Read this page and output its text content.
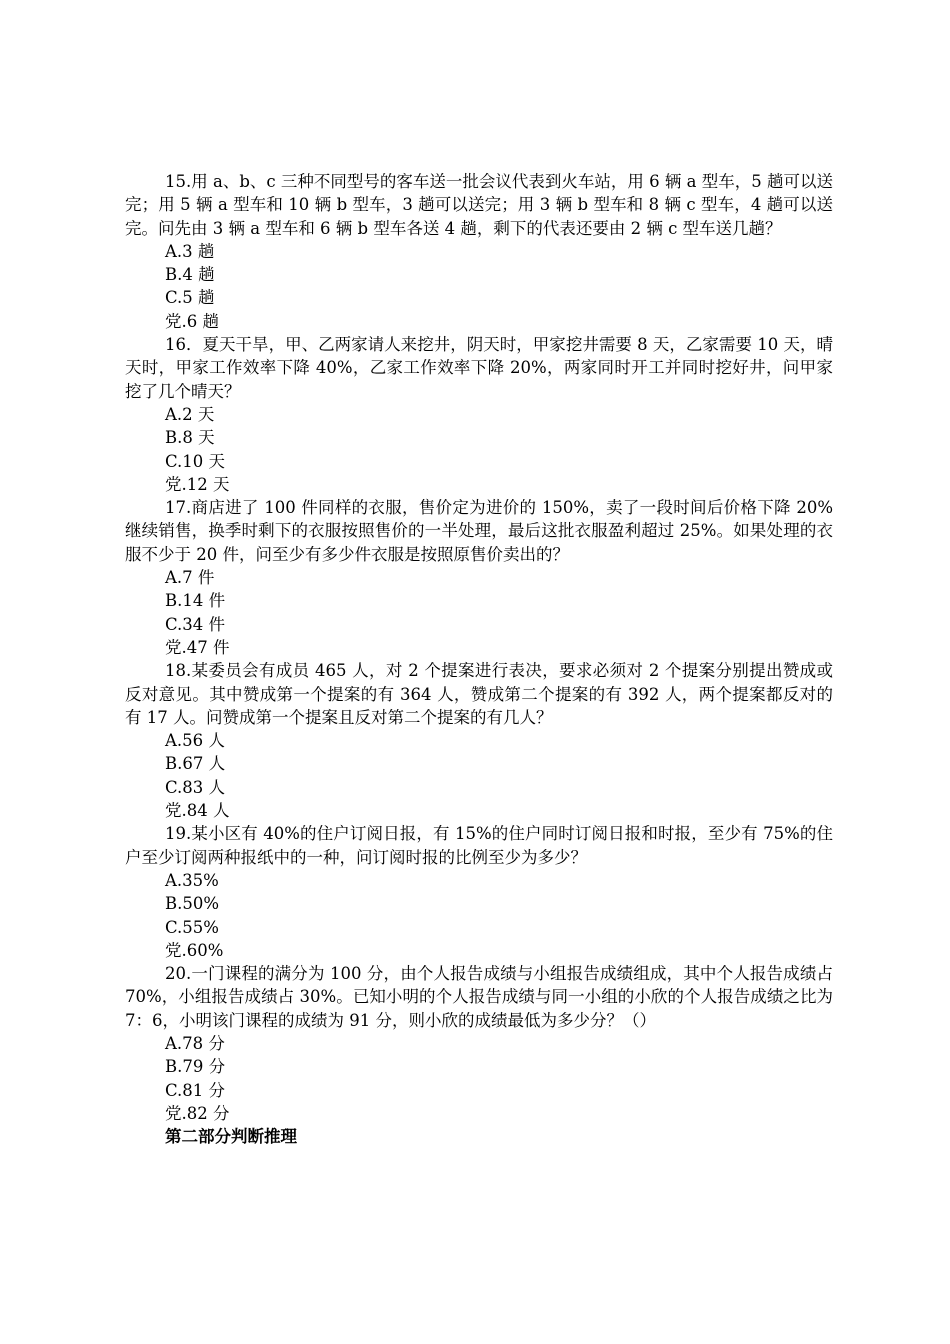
15.用 a、b、c 三种不同型号的客车送一批会议代表到火车站，用 6 辆 a 型车，5 趟可以送完；用 5 辆 a 型车和 10 辆 b 型车，3 趟可以送完；用 3 辆 b 型车和 8 辆 c 型车，4 趟可以送完。问先由 3 辆 a 型车和 6 辆 b 型车各送 4 趟，剩下的代表还要由 2 辆 c 型车送几趟？

A.3 趟

B.4 趟

C.5 趟

党.6 趟

16．夏天干旱，甲、乙两家请人来挖井，阴天时，甲家挖井需要 8 天，乙家需要 10 天，晴天时，甲家工作效率下降 40%，乙家工作效率下降 20%，两家同时开工并同时挖好井，问甲家挖了几个晴天？

A.2 天

B.8 天

C.10 天

党.12 天

17.商店进了 100 件同样的衣服，售价定为进价的 150%，卖了一段时间后价格下降 20%继续销售，换季时剩下的衣服按照售价的一半处理，最后这批衣服盈利超过 25%。如果处理的衣服不少于 20 件，问至少有多少件衣服是按照原售价卖出的？

A.7 件

B.14 件

C.34 件

党.47 件

18.某委员会有成员 465 人，对 2 个提案进行表决，要求必须对 2 个提案分别提出赞成或反对意见。其中赞成第一个提案的有 364 人，赞成第二个提案的有 392 人，两个提案都反对的有 17 人。问赞成第一个提案且反对第二个提案的有几人？

A.56 人

B.67 人

C.83 人

党.84 人

19.某小区有 40%的住户订阅日报，有 15%的住户同时订阅日报和时报，至少有 75%的住户至少订阅两种报纸中的一种，问订阅时报的比例至少为多少？

A.35%

B.50%

C.55%

党.60%

20.一门课程的满分为 100 分，由个人报告成绩与小组报告成绩组成，其中个人报告成绩占 70%，小组报告成绩占 30%。已知小明的个人报告成绩与同一小组的小欣的个人报告成绩之比为 7：6，小明该门课程的成绩为 91 分，则小欣的成绩最低为多少分？（）

A.78 分

B.79 分

C.81 分

党.82 分

第二部分判断推理
